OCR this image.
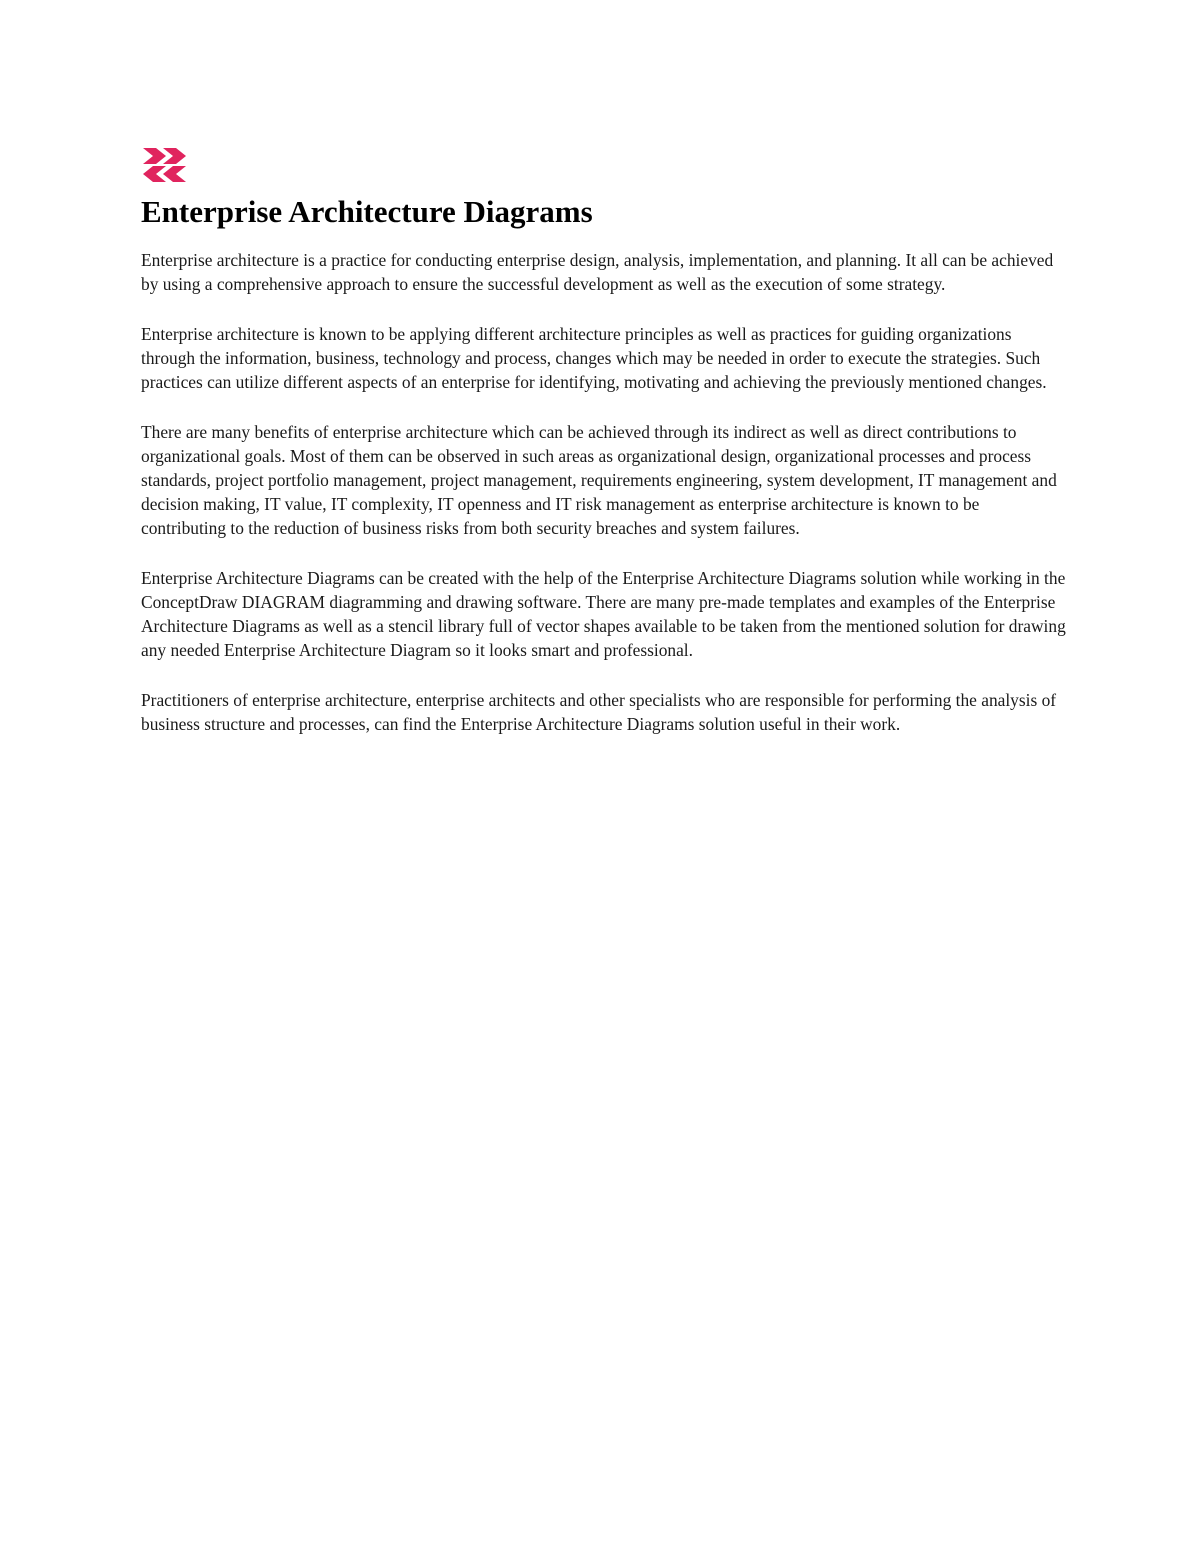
Enterprise Architecture Diagrams

Enterprise architecture is a practice for conducting enterprise design, analysis, implementation, and planning. It all can be achieved by using a comprehensive approach to ensure the successful development as well as the execution of some strategy.

Enterprise architecture is known to be applying different architecture principles as well as practices for guiding organizations through the information, business, technology and process, changes which may be needed in order to execute the strategies. Such practices can utilize different aspects of an enterprise for identifying, motivating and achieving the previously mentioned changes.

There are many benefits of enterprise architecture which can be achieved through its indirect as well as direct contributions to organizational goals. Most of them can be observed in such areas as organizational design, organizational processes and process standards, project portfolio management, project management, requirements engineering, system development, IT management and decision making, IT value, IT complexity, IT openness and IT risk management as enterprise architecture is known to be contributing to the reduction of business risks from both security breaches and system failures.

Enterprise Architecture Diagrams can be created with the help of the Enterprise Architecture Diagrams solution while working in the ConceptDraw DIAGRAM diagramming and drawing software. There are many pre-made templates and examples of the Enterprise Architecture Diagrams as well as a stencil library full of vector shapes available to be taken from the mentioned solution for drawing any needed Enterprise Architecture Diagram so it looks smart and professional.

Practitioners of enterprise architecture, enterprise architects and other specialists who are responsible for performing the analysis of business structure and processes, can find the Enterprise Architecture Diagrams solution useful in their work.
